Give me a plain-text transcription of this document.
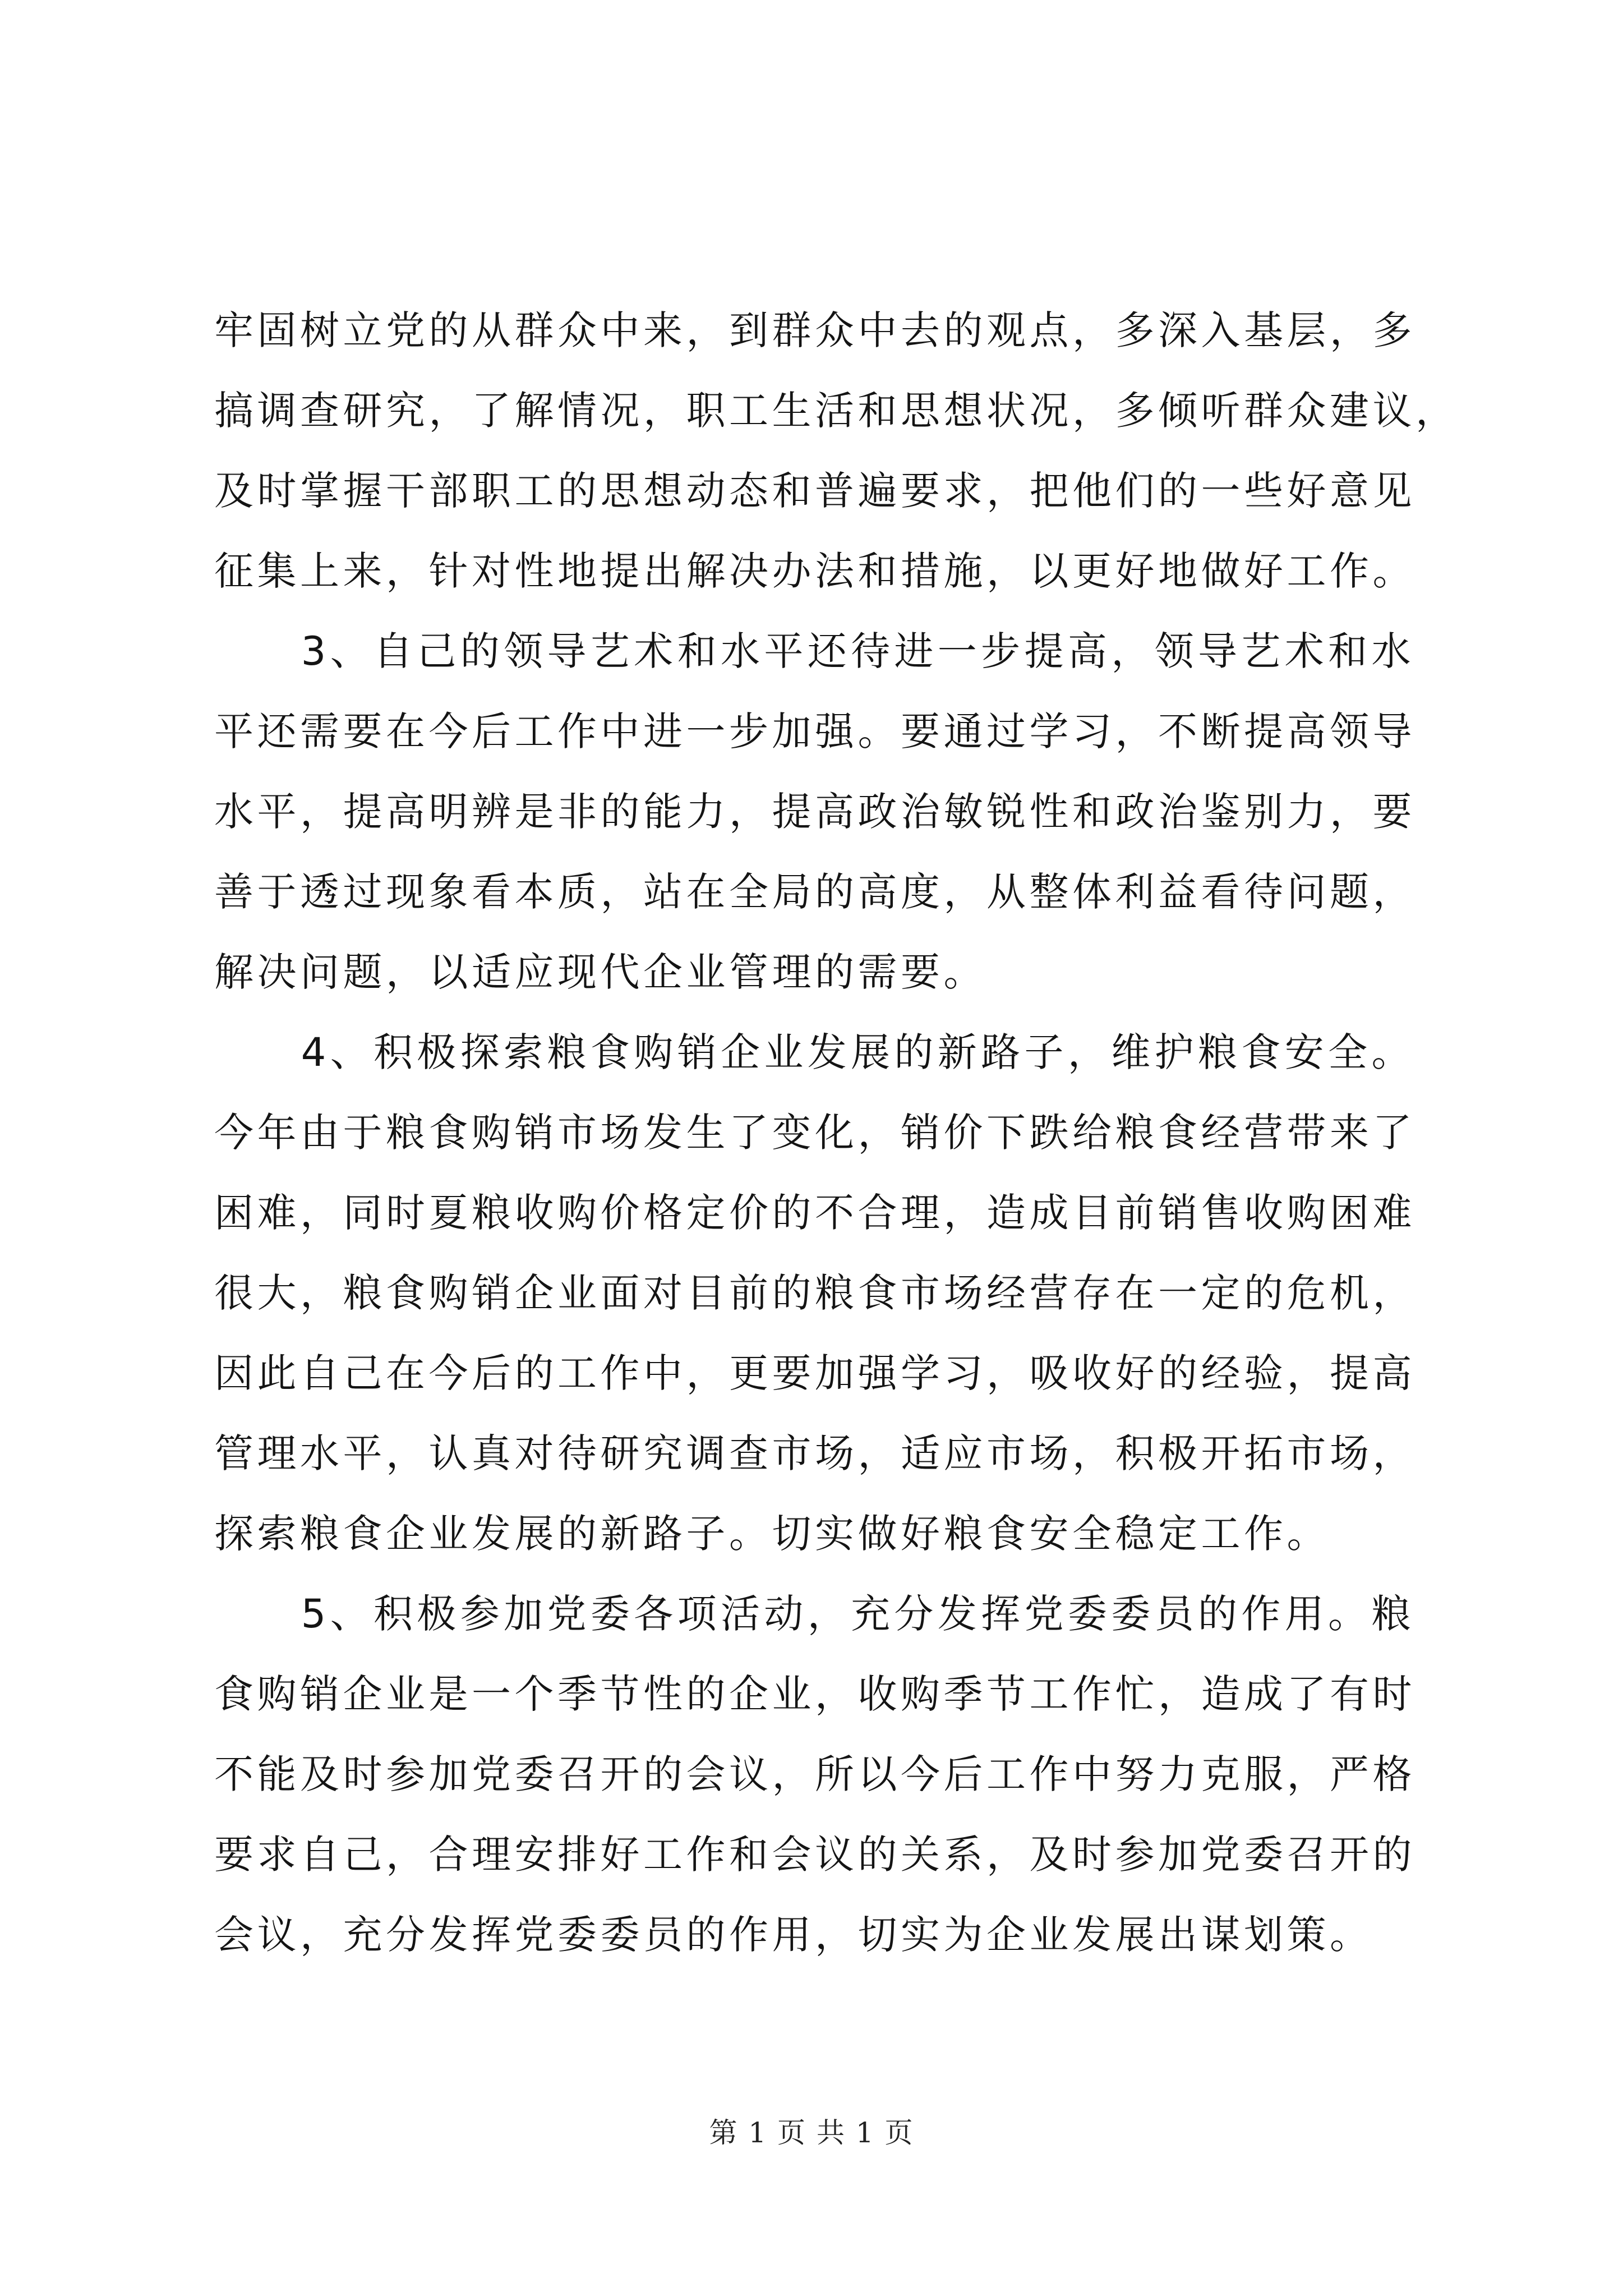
牢固树立党的从群众中来，到群众中去的观点，多深入基层，多
搞调查研究，了解情况，职工生活和思想状况，多倾听群众建议，
及时掌握干部职工的思想动态和普遍要求，把他们的一些好意见
征集上来，针对性地提出解决办法和措施，以更好地做好工作。
　　3、自己的领导艺术和水平还待进一步提高，领导艺术和水
平还需要在今后工作中进一步加强。要通过学习，不断提高领导
水平，提高明辨是非的能力，提高政治敏锐性和政治鉴别力，要
善于透过现象看本质，站在全局的高度，从整体利益看待问题，
解决问题，以适应现代企业管理的需要。
　　4、积极探索粮食购销企业发展的新路子，维护粮食安全。
今年由于粮食购销市场发生了变化，销价下跌给粮食经营带来了
困难，同时夏粮收购价格定价的不合理，造成目前销售收购困难
很大，粮食购销企业面对目前的粮食市场经营存在一定的危机，
因此自己在今后的工作中，更要加强学习，吸收好的经验，提高
管理水平，认真对待研究调查市场，适应市场，积极开拓市场，
探索粮食企业发展的新路子。切实做好粮食安全稳定工作。
　　5、积极参加党委各项活动，充分发挥党委委员的作用。粮
食购销企业是一个季节性的企业，收购季节工作忙，造成了有时
不能及时参加党委召开的会议，所以今后工作中努力克服，严格
要求自己，合理安排好工作和会议的关系，及时参加党委召开的
会议，充分发挥党委委员的作用，切实为企业发展出谋划策。
第 1 页 共 1 页
